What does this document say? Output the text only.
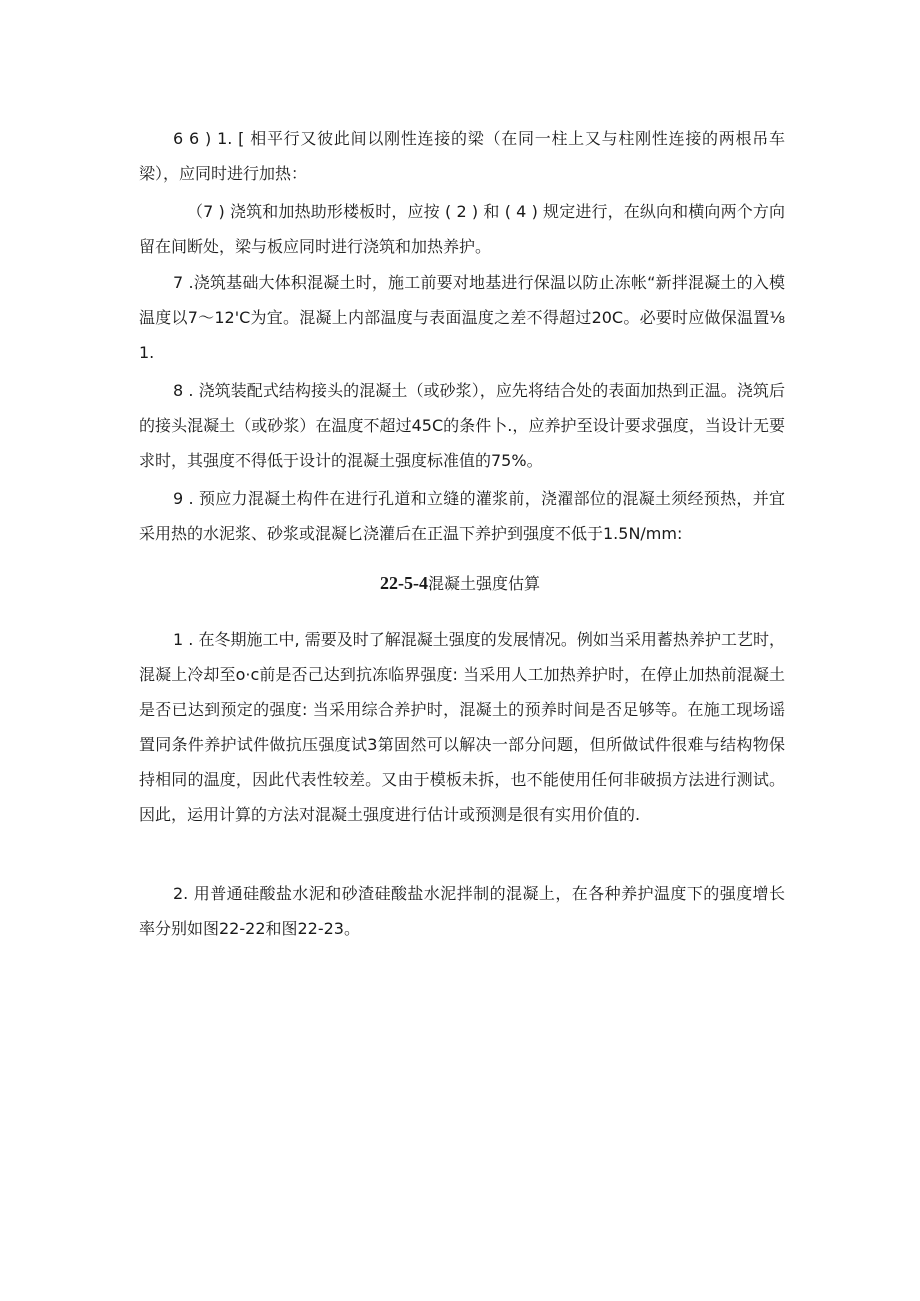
6 6 ) 1. [ 相平行又彼此间以刚性连接的梁（在同一柱上又与柱刚性连接的两根吊车梁），应同时进行加热：

（7 ) 浇筑和加热助形楼板时，应按 ( 2 ) 和 ( 4 ) 规定进行，在纵向和横向两个方向留在间断处，梁与板应同时进行浇筑和加热养护。

7 .浇筑基础大体积混凝土时，施工前要对地基进行保温以防止冻帐“新拌混凝土的入模温度以7〜12'C为宜。混凝上内部温度与表面温度之差不得超过20C。必要时应做保温置⅛1.

8 . 浇筑装配式结构接头的混凝土（或砂浆），应先将结合处的表面加热到正温。浇筑后的接头混凝土（或砂浆）在温度不超过45C的条件卜.，应养护至设计要求强度，当设计无要求时，其强度不得低于设计的混凝土强度标准值的75%。

9 . 预应力混凝土构件在进行孔道和立缝的灌浆前，浇濯部位的混凝土须经预热，并宜采用热的水泥浆、砂浆或混凝匕浇灌后在正温下养护到强度不低于1.5N∕mm:

22-5-4混凝土强度估算

1 . 在冬期施工中, 需要及时了解混凝土强度的发展情况。例如当采用蓄热养护工艺时，混凝上冷却至o·c前是否己达到抗冻临界强度: 当采用人工加热养护时，在停止加热前混凝土是否已达到预定的强度: 当采用综合养护时，混凝土的预养时间是否足够等。在施工现场谣置同条件养护试件做抗压强度试3第固然可以解决一部分问题，但所做试件很难与结构物保持相同的温度，因此代表性较差。又由于模板未拆，也不能使用任何非破损方法进行测试。因此，运用计算的方法对混凝土强度进行估计或预测是很有实用价值的.

2. 用普通硅酸盐水泥和砂渣硅酸盐水泥拌制的混凝上，在各种养护温度下的强度增长率分别如图22-22和图22-23。
